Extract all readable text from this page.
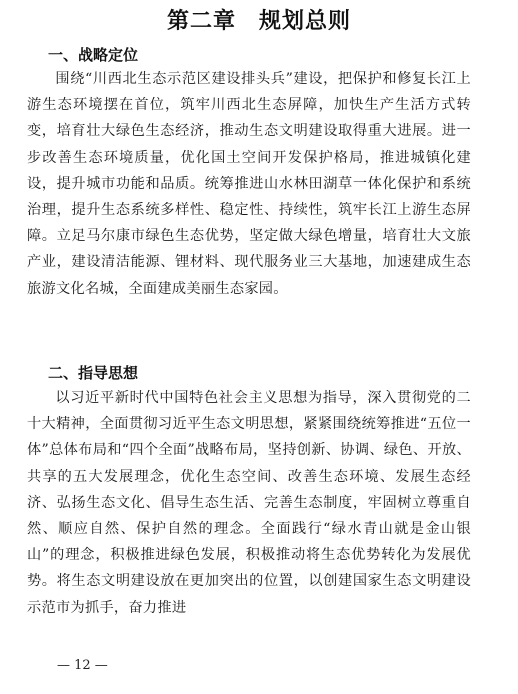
第二章　规划总则
一、战略定位
围绕“川西北生态示范区建设排头兵”建设，把保护和修复长江上游生态环境摆在首位，筑牢川西北生态屏障，加快生产生活方式转变，培育壮大绿色生态经济，推动生态文明建设取得重大进展。进一步改善生态环境质量，优化国土空间开发保护格局，推进城镇化建设，提升城市功能和品质。统筹推进山水林田湖草一体化保护和系统治理，提升生态系统多样性、稳定性、持续性，筑牢长江上游生态屏障。立足马尔康市绿色生态优势，坚定做大绿色增量，培育壮大文旅产业，建设清洁能源、锂材料、现代服务业三大基地，加速建成生态旅游文化名城，全面建成美丽生态家园。
二、指导思想
以习近平新时代中国特色社会主义思想为指导，深入贯彻党的二十大精神，全面贯彻习近平生态文明思想，紧紧围绕统筹推进“五位一体”总体布局和“四个全面”战略布局，坚持创新、协调、绿色、开放、共享的五大发展理念，优化生态空间、改善生态环境、发展生态经济、弘扬生态文化、倡导生态生活、完善生态制度，牢固树立尊重自然、顺应自然、保护自然的理念。全面践行“绿水青山就是金山银山”的理念，积极推进绿色发展，积极推动将生态优势转化为发展优势。将生态文明建设放在更加突出的位置，以创建国家生态文明建设示范市为抓手，奋力推进
— 12 —
